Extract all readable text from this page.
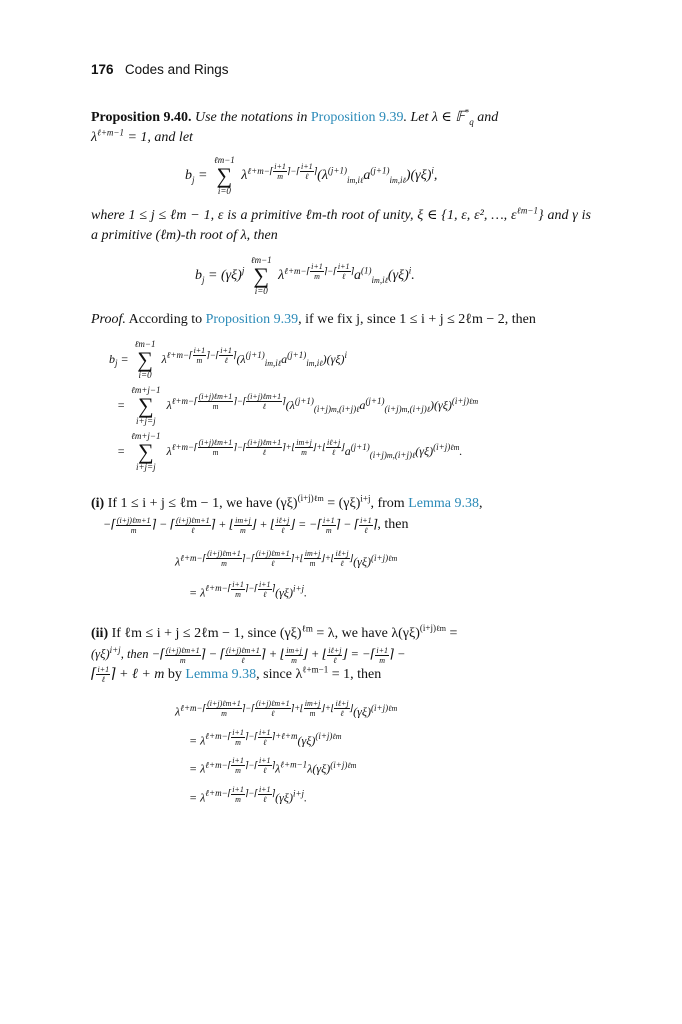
176 Codes and Rings
Proposition 9.40. Use the notations in Proposition 9.39. Let λ ∈ 𝔽*$_q$ and
$\lambda^{\ell+m-1} = 1$, and let
$b_j$ =
ℓm−1
∑
i=0
$\lambda^{\ell+m-⌈ \frac{i+1}{m} ⌉-⌈ \frac{i+1}{\text{ℓ}} ⌉}(\lambda^{(j+1)}_{im,i\ell}a^{(j+1)}_{im,i\ell})(\gamma\xi)^i$,
where 1 ≤ j ≤ ℓm − 1, ε is a primitive ℓm-th root of unity, ξ ∈ {1, ε, ε², …, $\varepsilon^{\ell m-1}$} and γ is a primitive (ℓm)-th root of λ, then
$b_j = (\gamma\xi)^j$
ℓm−1
∑
i=0
$\lambda^{\ell+m-⌈ \frac{i+1}{m} ⌉-⌈ \frac{i+1}{\text{ℓ}} ⌉}a^{(1)}_{im,i\ell}(\gamma\xi)^i$.
Proof. According to Proposition 9.39, if we fix j, since 1 ≤ i + j ≤ 2ℓm − 2, then
$b_j$ =
ℓm−1
∑
i=0
$\lambda^{\ell+m-⌈ \frac{i+1}{m} ⌉-⌈ \frac{i+1}{\text{ℓ}} ⌉}(\lambda^{(j+1)}_{im,i\ell}a^{(j+1)}_{im,i\ell})(\gamma\xi)^i$
=
ℓm+j−1
∑
i+j=j
$\lambda^{\ell+m-⌈ \frac{\text{(i+j)ℓm+1}}{m} ⌉-⌈ \frac{\text{(i+j)ℓm+1}}{\text{ℓ}} ⌉}(\lambda^{(j+1)}_{(i+j)m,(i+j)\ell}a^{(j+1)}_{(i+j)m,(i+j)\ell})(\gamma\xi)^{(i+j)\ell m}$
=
ℓm+j−1
∑
i+j=j
$\lambda^{\ell+m-⌈ \frac{\text{(i+j)ℓm+1}}{m} ⌉-⌈ \frac{\text{(i+j)ℓm+1}}{\text{ℓ}} ⌉+⌊ \frac{im+j}{m} ⌋+⌊ \frac{\text{iℓ+j}}{\text{ℓ}} ⌋}a^{(j+1)}_{(i+j)m,(i+j)\ell}(\gamma\xi)^{(i+j)\ell m}$.
(i) If 1 ≤ i + j ≤ ℓm − 1, we have $(\gamma\xi)^{(i+j)\ell m} = (\gamma\xi)^{i+j}$, from Lemma 9.38,
−⌈ $\frac{\text{(i+j)ℓm+1}}{m}$ ⌉ − ⌈ $\frac{\text{(i+j)ℓm+1}}{\text{ℓ}}$ ⌉ + ⌊ $\frac{im+j}{m}$ ⌋ + ⌊ $\frac{\text{iℓ+j}}{\text{ℓ}}$ ⌋ = −⌈ $\frac{i+1}{m}$ ⌉ − ⌈ $\frac{i+1}{\text{ℓ}}$ ⌉, then
$\lambda^{\ell+m-⌈ \frac{\text{(i+j)ℓm+1}}{m} ⌉-⌈ \frac{\text{(i+j)ℓm+1}}{\text{ℓ}} ⌉+⌊ \frac{im+j}{m} ⌋+⌊ \frac{\text{iℓ+j}}{\text{ℓ}} ⌋}(\gamma\xi)^{(i+j)\ell m}$
= $\lambda^{\ell+m-⌈ \frac{i+1}{m} ⌉-⌈ \frac{i+1}{\text{ℓ}} ⌉}(\gamma\xi)^{i+j}$.
(ii) If ℓm ≤ i + j ≤ 2ℓm − 1, since $(\gamma\xi)^{\ell m} = \lambda$, we have $\lambda(\gamma\xi)^{(i+j)\ell m}$ =
$(\gamma\xi)^{i+j}$, then −⌈ $\frac{\text{(i+j)ℓm+1}}{m}$ ⌉ − ⌈ $\frac{\text{(i+j)ℓm+1}}{\text{ℓ}}$ ⌉ + ⌊ $\frac{im+j}{m}$ ⌋ + ⌊ $\frac{\text{iℓ+j}}{\text{ℓ}}$ ⌋ = −⌈ $\frac{i+1}{m}$ ⌉ −
⌈ $\frac{i+1}{\text{ℓ}}$ ⌉ + ℓ + m by Lemma 9.38, since $\lambda^{\ell+m-1} = 1$, then
$\lambda^{\ell+m-⌈ \frac{\text{(i+j)ℓm+1}}{m} ⌉-⌈ \frac{\text{(i+j)ℓm+1}}{\text{ℓ}} ⌉+⌊ \frac{im+j}{m} ⌋+⌊ \frac{\text{iℓ+j}}{\text{ℓ}} ⌋}(\gamma\xi)^{(i+j)\ell m}$
= $\lambda^{\ell+m-⌈ \frac{i+1}{m} ⌉-⌈ \frac{i+1}{\text{ℓ}} ⌉+\ell+m}(\gamma\xi)^{(i+j)\ell m}$
= $\lambda^{\ell+m-⌈ \frac{i+1}{m} ⌉-⌈ \frac{i+1}{\text{ℓ}} ⌉}\lambda^{\ell+m-1}\lambda(\gamma\xi)^{(i+j)\ell m}$
= $\lambda^{\ell+m-⌈ \frac{i+1}{m} ⌉-⌈ \frac{i+1}{\text{ℓ}} ⌉}(\gamma\xi)^{i+j}$.
